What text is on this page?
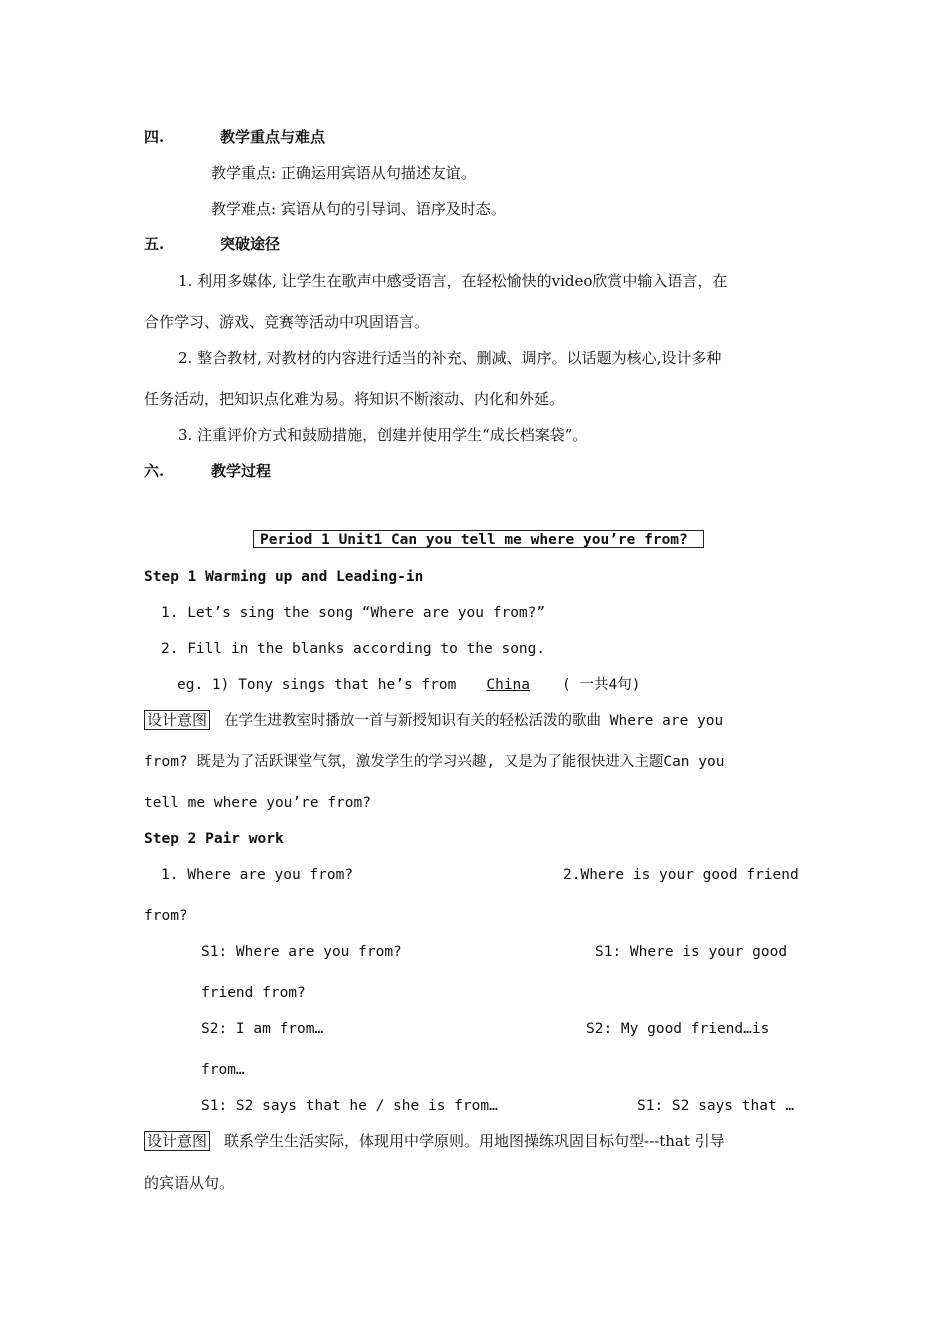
四.	教学重点与难点
教学重点: 正确运用宾语从句描述友谊。
教学难点: 宾语从句的引导词、语序及时态。
五.	突破途径
1. 利用多媒体, 让学生在歌声中感受语言，在轻松愉快的video欣赏中输入语言，在
合作学习、游戏、竞赛等活动中巩固语言。
2. 整合教材, 对教材的内容进行适当的补充、删减、调序。以话题为核心,设计多种
任务活动，把知识点化难为易。将知识不断滚动、内化和外延。
3. 注重评价方式和鼓励措施，创建并使用学生“成长档案袋”。
六.	教学过程
Period 1 Unit1 Can you tell me where you’re from?
Step 1 Warming up and Leading-in
1. Let’s sing the song “Where are you from?”
2. Fill in the blanks according to the song.
eg. 1) Tony sings that he’s from China ( 一共4句)
设计意图 在学生进教室时播放一首与新授知识有关的轻松活泼的歌曲 Where are you
from? 既是为了活跃课堂气氛，激发学生的学习兴趣, 又是为了能很快进入主题Can you
tell me where you’re from?
Step 2 Pair work
1. Where are you from?	2.Where is your good friend
from?
S1: Where are you from?	S1: Where is your good
friend from?
S2: I am from…	S2: My good friend…is
from…
S1: S2 says that he / she is from…	S1: S2 says that …
设计意图 联系学生生活实际，体现用中学原则。用地图操练巩固目标句型---that 引导
的宾语从句。
